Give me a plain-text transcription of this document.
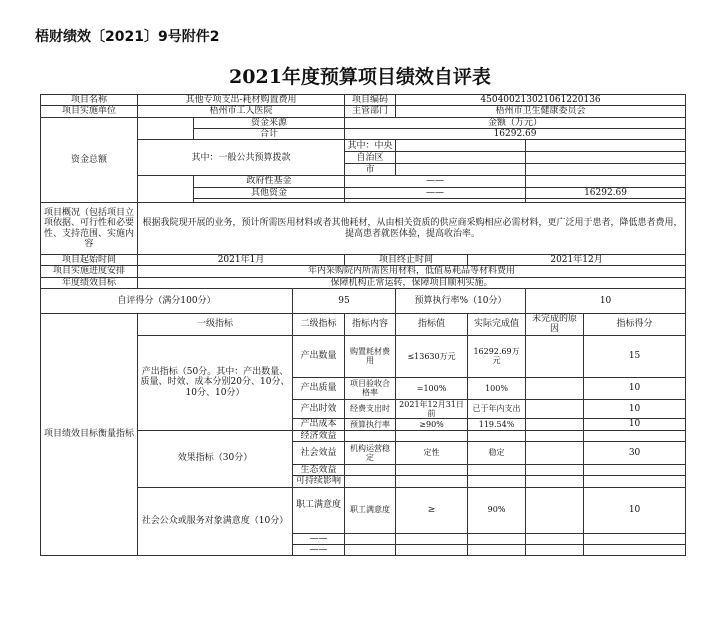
梧财绩效〔2021〕9号附件2
2021年度预算项目绩效自评表
项目名称	其他专项支出-耗材购置费用			项目编码	450400213021061220136			
项目实施单位	梧州市工人医院			主管部门	梧州市卫生健康委员会			
资金总额		资金来源		金额（万元）				
		合计		16292.69				
	其中：一般公共预算拨款			其中：中央				
				自治区				
				市				
		政府性基金		——				
		其他资金		——			16292.69	

项目概况（包括项目立项依据、可行性和必要性、支持范围、实施内容	根据我院现开展的业务，预计所需医用材料或者其他耗材，从由相关资质的供应商采购相应必需材料，更广泛用于患者，降低患者费用，提高患者就医体验，提高收治率。							
项目起始时间	2021年1月			项目终止时间		2021年12月		
项目实施进度安排	年内采购院内所需医用材料，低值易耗品等材料费用							
年度绩效目标	保障机构正常运转，保障项目顺利实施。							
自评得分（满分100分）			95		预算执行率%（10分）		10	
项目绩效目标衡量指标	一级指标		二级指标	指标内容	指标值	实际完成值	未完成的原因	指标得分
	产出指标（50分。其中：产出数量、质量、时效、成本分别20分、10分、10分、10分）		产出数量	购置耗材费用	≤13630万元	16292.69万元		15
			产出质量	项目验收合格率	=100%	100%		10
			产出时效	经费支出时	2021年12月31日前	已于年内支出		10
			产出成本	预算执行率	≥90%	119.54%		10
	效果指标（30分）		经济效益					
			社会效益	机构运营稳定	定性	稳定		30
			生态效益					
			可持续影响					
	社会公众或服务对象满意度（10分）		职工满意度	职工满意度	≥	90%		10
			——					
			——					
